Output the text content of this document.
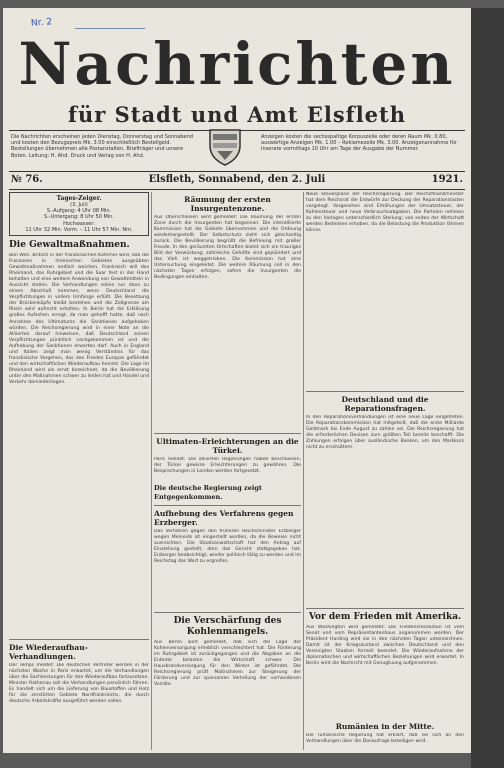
Nr. 2
Nachrichten
für Stadt und Amt Elsfleth
Die Nachrichten erscheinen jeden Dienstag, Donnerstag und Sonnabend und kosten den Bezugspreis Mk. 3.00 einschließlich Bestellgeld. Bestellungen übernehmen alle Postanstalten, Briefträger und unsere Boten. Leitung: H. Ahd. Druck und Verlag von H. Ahd.
Anzeigen kosten die sechsspaltige Korpuszeile oder deren Raum Mk. 0.80, auswärtige Anzeigen Mk. 1.00 – Reklamezeile Mk. 3.00. Anzeigenannahme für Inserate vormittags 10 Uhr am Tage der Ausgabe der Nummer.
№ 76.	Elsfleth, Sonnabend, den 2. Juli	1921.
Tages-Zeiger.
(3. Juli)
S.-Aufgang: 4 Uhr 08 Min.
S.-Untergang: 8 Uhr 50 Min.
Hochwasser:
11 Uhr 32 Min. Vorm. – 11 Uhr 57 Min. Nm.
Die Gewaltmaßnahmen.

Bon Wilh. Britsch in der französischen Kammer wird, daß die Franzosen in rheinischen Gebieten ausgeübten Gewaltmaßnahmen endlich weichen. Frankreich will das Rheinland, das Ruhrgebiet und die Saar fest in der Hand behalten und eine weitere Anwendung von Gewaltmitteln in Aussicht stellen. Die Verhandlungen sollen nur dann zu einem Abschluß kommen, wenn Deutschland die Verpflichtungen in vollem Umfange erfüllt. Die Besetzung der Brückenköpfe bleibt bestehen und die Zollgrenze am Rhein wird aufrecht erhalten. In Berlin hat die Erklärung großes Aufsehen erregt, da man gehofft hatte, daß nach Annahme des Ultimatums die Sanktionen aufgehoben würden. Die Reichsregierung wird in einer Note an die Alliierten darauf hinweisen, daß Deutschland seinen Verpflichtungen pünktlich nachgekommen ist und die Aufhebung der Sanktionen erwarten darf. Auch in England und Italien zeigt man wenig Verständnis für das französische Vorgehen, das den Frieden Europas gefährdet und den wirtschaftlichen Wiederaufbau hemmt. Die Lage im Rheinland wird als ernst bezeichnet, da die Bevölkerung unter den Maßnahmen schwer zu leiden hat und Handel und Verkehr darniederliegen.

Die Wiederaufbau-Verhandlungen.

Der Temps meldet: Die deutschen Vertreter werden in der nächsten Woche in Paris erwartet, um die Verhandlungen über die Sachleistungen für den Wiederaufbau fortzusetzen. Minister Rathenau soll die Verhandlungen persönlich führen. Es handelt sich um die Lieferung von Baustoffen und Holz für die zerstörten Gebiete Nordfrankreichs, die durch deutsche Arbeitskräfte ausgeführt werden sollen.

Räumung der ersten Insurgentenzone.

Aus Oberschlesien wird gemeldet: Die Räumung der ersten Zone durch die Insurgenten hat begonnen. Die interalliierte Kommission hat die Gebiete übernommen und die Ordnung wiederhergestellt. Der Selbstschutz zieht sich gleichzeitig zurück. Die Bevölkerung begrüßt die Befreiung mit großer Freude. In den geräumten Ortschaften bietet sich ein trauriges Bild der Verwüstung; zahlreiche Gehöfte sind geplündert und das Vieh ist weggetrieben. Die Kommission hat eine Untersuchung eingeleitet. Die weitere Räumung soll in den nächsten Tagen erfolgen, sofern die Insurgenten die Bedingungen einhalten.

Ultimaten-Erleichterungen an die Türkei.

Paris meldet: Die alliierten Regierungen haben beschlossen, der Türkei gewisse Erleichterungen zu gewähren. Die Besprechungen in London werden fortgesetzt.

Die deutsche Regierung zeigt Entgegenkommen.
Aufhebung des Verfahrens gegen Erzberger.

Das Verfahren gegen den früheren Reichsminister Erzberger wegen Meineids ist eingestellt worden, da die Beweise nicht ausreichten. Die Staatsanwaltschaft hat den Antrag auf Einstellung gestellt, dem das Gericht stattgegeben hat. Erzberger beabsichtigt, wieder politisch tätig zu werden und im Reichstag das Wort zu ergreifen.

Die Verschärfung des Kohlenmangels.

Aus Berlin wird gemeldet, daß sich die Lage der Kohlenversorgung erheblich verschlechtert hat. Die Förderung im Ruhrgebiet ist zurückgegangen und die Abgaben an die Entente belasten die Wirtschaft schwer. Die Hausbrandversorgung für den Winter ist gefährdet. Die Reichsregierung prüft Maßnahmen zur Steigerung der Förderung und zur sparsamen Verteilung der vorhandenen Vorräte.

Neue Steuerpläne der Reichsregierung. Der Reichsfinanzminister hat dem Reichsrat die Entwürfe zur Deckung der Reparationslasten vorgelegt. Vorgesehen sind Erhöhungen der Umsatzsteuer, der Kohlensteuer und neue Verbrauchsabgaben. Die Parteien nehmen zu den Vorlagen unterschiedlich Stellung; von seiten der Wirtschaft werden Bedenken erhoben, da die Belastung die Produktion lähmen könne.

Deutschland und die Reparationsfragen.

In den Reparationsverhandlungen ist eine neue Lage eingetreten. Die Reparationskommission hat mitgeteilt, daß die erste Milliarde Goldmark bis Ende August zu zahlen sei. Die Reichsregierung hat die erforderlichen Devisen zum größten Teil bereits beschafft. Die Zahlungen erfolgen über ausländische Banken, um den Markkurs nicht zu erschüttern.

Vor dem Frieden mit Amerika.

Aus Washington wird gemeldet: Die Friedensresolution ist vom Senat und vom Repräsentantenhaus angenommen worden. Der Präsident Harding wird sie in den nächsten Tagen unterzeichnen. Damit ist der Kriegszustand zwischen Deutschland und den Vereinigten Staaten formell beendet. Die Wiederaufnahme der diplomatischen und wirtschaftlichen Beziehungen wird erwartet. In Berlin wird die Nachricht mit Genugtuung aufgenommen.

Rumänien in der Mitte.

Die rumänische Regierung hat erklärt, daß sie sich an den Verhandlungen über die Donaufrage beteiligen wird.
